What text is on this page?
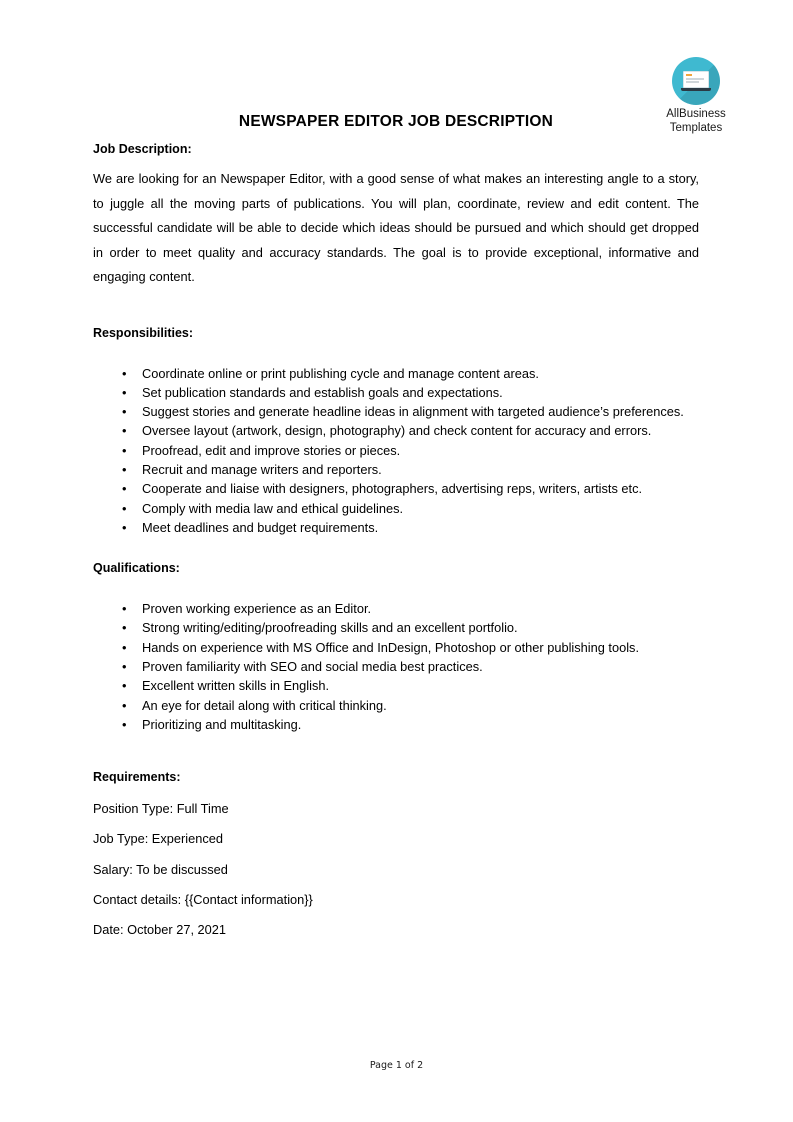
AllBusiness
Templates
NEWSPAPER EDITOR JOB DESCRIPTION
Job Description:

We are looking for an Newspaper Editor, with a good sense of what makes an interesting angle to a story, to juggle all the moving parts of publications. You will plan, coordinate, review and edit content. The successful candidate will be able to decide which ideas should be pursued and which should get dropped in order to meet quality and accuracy standards. The goal is to provide exceptional, informative and engaging content.

Responsibilities:
• Coordinate online or print publishing cycle and manage content areas.
• Set publication standards and establish goals and expectations.
• Suggest stories and generate headline ideas in alignment with targeted audience’s preferences.
• Oversee layout (artwork, design, photography) and check content for accuracy and errors.
• Proofread, edit and improve stories or pieces.
• Recruit and manage writers and reporters.
• Cooperate and liaise with designers, photographers, advertising reps, writers, artists etc.
• Comply with media law and ethical guidelines.
• Meet deadlines and budget requirements.
Qualifications:
• Proven working experience as an Editor.
• Strong writing/editing/proofreading skills and an excellent portfolio.
• Hands on experience with MS Office and InDesign, Photoshop or other publishing tools.
• Proven familiarity with SEO and social media best practices.
• Excellent written skills in English.
• An eye for detail along with critical thinking.
• Prioritizing and multitasking.
Requirements:
Position Type: Full Time
Job Type: Experienced
Salary: To be discussed
Contact details: {{Contact information}}
Date: October 27, 2021
Page 1 of 2
